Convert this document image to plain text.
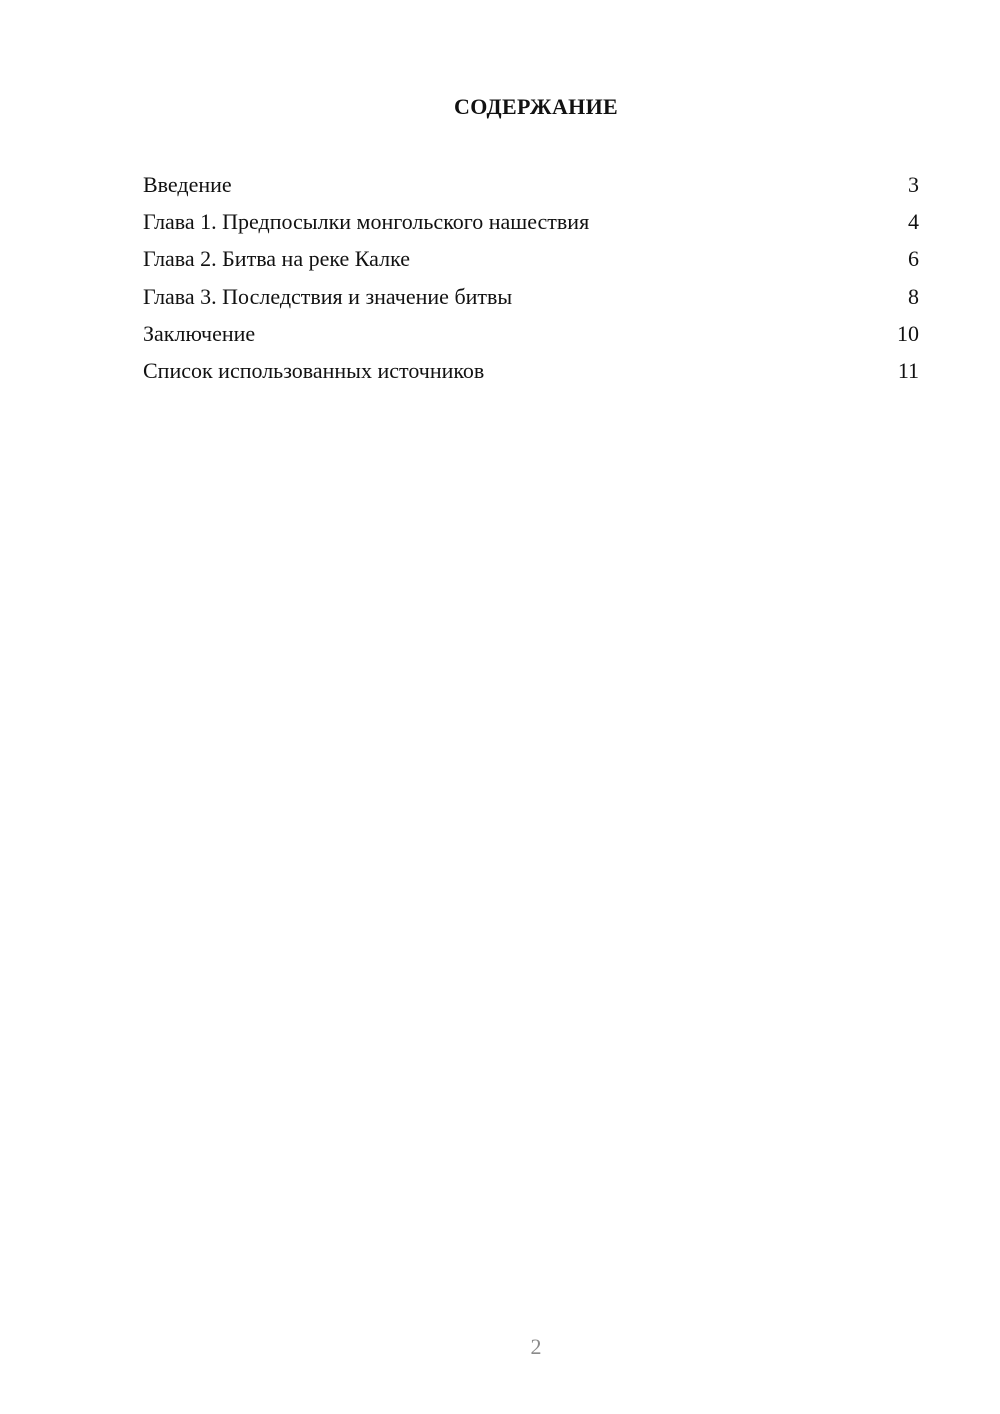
СОДЕРЖАНИЕ
Введение	3
Глава 1. Предпосылки монгольского нашествия	4
Глава 2. Битва на реке Калке	6
Глава 3. Последствия и значение битвы	8
Заключение	10
Список использованных источников	11
2
